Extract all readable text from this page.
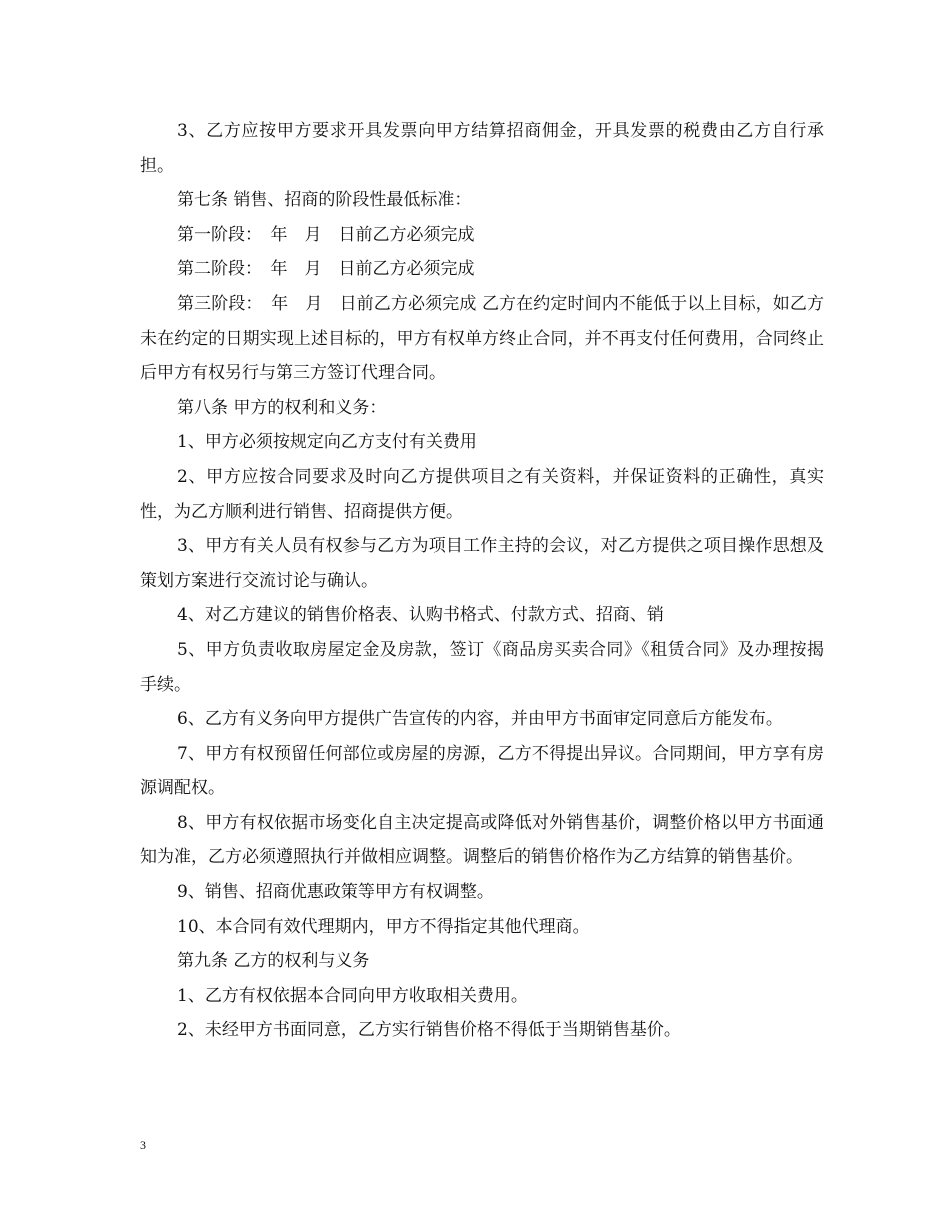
3、乙方应按甲方要求开具发票向甲方结算招商佣金，开具发票的税费由乙方自行承担。

第七条 销售、招商的阶段性最低标准：

第一阶段：　年　月　日前乙方必须完成

第二阶段：　年　月　日前乙方必须完成

第三阶段：　年　月　日前乙方必须完成 乙方在约定时间内不能低于以上目标，如乙方未在约定的日期实现上述目标的，甲方有权单方终止合同，并不再支付任何费用，合同终止后甲方有权另行与第三方签订代理合同。

第八条 甲方的权利和义务：

1、甲方必须按规定向乙方支付有关费用

2、甲方应按合同要求及时向乙方提供项目之有关资料，并保证资料的正确性，真实性，为乙方顺利进行销售、招商提供方便。

3、甲方有关人员有权参与乙方为项目工作主持的会议，对乙方提供之项目操作思想及策划方案进行交流讨论与确认。

4、对乙方建议的销售价格表、认购书格式、付款方式、招商、销

5、甲方负责收取房屋定金及房款，签订《商品房买卖合同》《租赁合同》及办理按揭手续。

6、乙方有义务向甲方提供广告宣传的内容，并由甲方书面审定同意后方能发布。

7、甲方有权预留任何部位或房屋的房源，乙方不得提出异议。合同期间，甲方享有房源调配权。

8、甲方有权依据市场变化自主决定提高或降低对外销售基价，调整价格以甲方书面通知为准，乙方必须遵照执行并做相应调整。调整后的销售价格作为乙方结算的销售基价。

9、销售、招商优惠政策等甲方有权调整。

10、本合同有效代理期内，甲方不得指定其他代理商。

第九条 乙方的权利与义务

1、乙方有权依据本合同向甲方收取相关费用。

2、未经甲方书面同意，乙方实行销售价格不得低于当期销售基价。

3
